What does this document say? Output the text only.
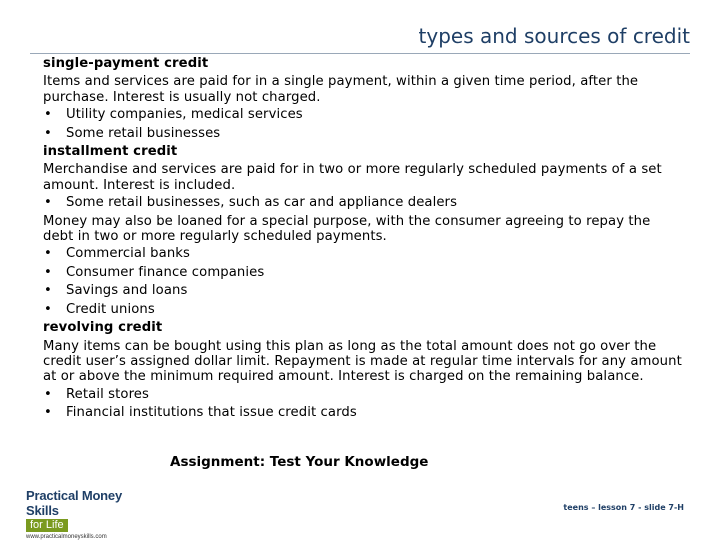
types and sources of credit

single-payment credit

Items and services are paid for in a single payment, within a given time period, after the purchase. Interest is usually not charged.

• Utility companies, medical services

• Some retail businesses

installment credit

Merchandise and services are paid for in two or more regularly scheduled payments of a set amount. Interest is included.

• Some retail businesses, such as car and appliance dealers

Money may also be loaned for a special purpose, with the consumer agreeing to repay the debt in two or more regularly scheduled payments.

• Commercial banks

• Consumer finance companies

• Savings and loans

• Credit unions

revolving credit

Many items can be bought using this plan as long as the total amount does not go over the credit user’s assigned dollar limit. Repayment is made at regular time intervals for any amount at or above the minimum required amount. Interest is charged on the remaining balance.

• Retail stores

• Financial institutions that issue credit cards

Assignment: Test Your Knowledge
Practical Money Skills
for Life
www.practicalmoneyskills.com
teens – lesson 7 - slide 7-H
